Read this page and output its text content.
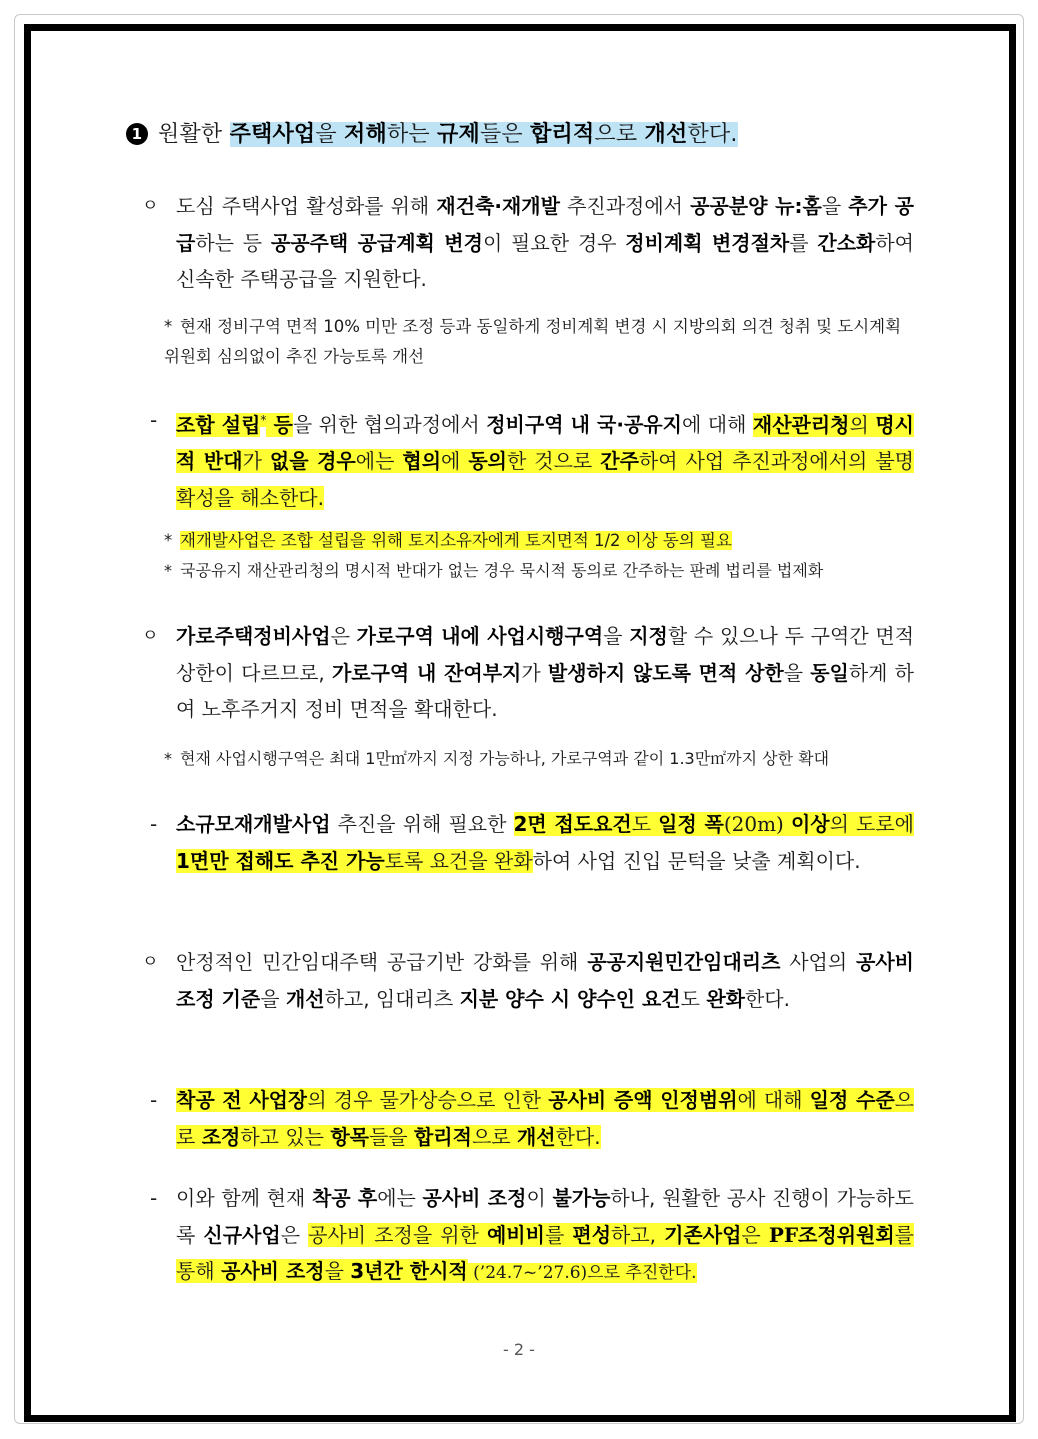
1 원활한 주택사업을 저해하는 규제들은 합리적으로 개선한다.
ㅇ 도심 주택사업 활성화를 위해 재건축·재개발 추진과정에서 공공분양 뉴:홈을 추가 공급하는 등 공공주택 공급계획 변경이 필요한 경우 정비계획 변경절차를 간소화하여 신속한 주택공급을 지원한다.
* 현재 정비구역 면적 10% 미만 조정 등과 동일하게 정비계획 변경 시 지방의회 의견 청취 및 도시계획위원회 심의없이 추진 가능토록 개선
- 조합 설립* 등을 위한 협의과정에서 정비구역 내 국·공유지에 대해 재산관리청의 명시적 반대가 없을 경우에는 협의에 동의한 것으로 간주하여 사업 추진과정에서의 불명확성을 해소한다.
* 재개발사업은 조합 설립을 위해 토지소유자에게 토지면적 1/2 이상 동의 필요
* 국공유지 재산관리청의 명시적 반대가 없는 경우 묵시적 동의로 간주하는 판례 법리를 법제화
ㅇ 가로주택정비사업은 가로구역 내에 사업시행구역을 지정할 수 있으나 두 구역간 면적 상한이 다르므로, 가로구역 내 잔여부지가 발생하지 않도록 면적 상한을 동일하게 하여 노후주거지 정비 면적을 확대한다.
* 현재 사업시행구역은 최대 1만㎡까지 지정 가능하나, 가로구역과 같이 1.3만㎡까지 상한 확대
- 소규모재개발사업 추진을 위해 필요한 2면 접도요건도 일정 폭(20m) 이상의 도로에 1면만 접해도 추진 가능토록 요건을 완화하여 사업 진입 문턱을 낮출 계획이다.
ㅇ 안정적인 민간임대주택 공급기반 강화를 위해 공공지원민간임대리츠 사업의 공사비 조정 기준을 개선하고, 임대리츠 지분 양수 시 양수인 요건도 완화한다.
- 착공 전 사업장의 경우 물가상승으로 인한 공사비 증액 인정범위에 대해 일정 수준으로 조정하고 있는 항목들을 합리적으로 개선한다.
- 이와 함께 현재 착공 후에는 공사비 조정이 불가능하나, 원활한 공사 진행이 가능하도록 신규사업은 공사비 조정을 위한 예비비를 편성하고, 기존사업은 PF조정위원회를 통해 공사비 조정을 3년간 한시적 (’24.7~’27.6)으로 추진한다.
- 2 -
